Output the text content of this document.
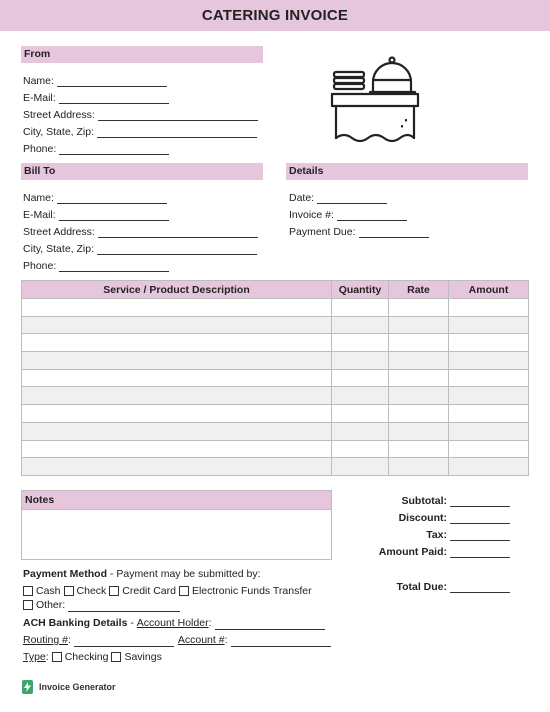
CATERING INVOICE
From
Name:
E-Mail:
Street Address:
City, State, Zip:
Phone:
Bill To
Name:
E-Mail:
Street Address:
City, State, Zip:
Phone:
Details
Date:
Invoice #:
Payment Due:
Service / Product Description	Quantity	Rate	Amount

Notes	Subtotal:
Discount:
Tax:
Amount Paid:
Total Due:
Payment Method - Payment may be submitted by:
Cash Check Credit Card Electronic Funds Transfer
Other:
ACH Banking Details - Account Holder :
Routing # :	Account # :
Type : Checking Savings
Invoice Generator
